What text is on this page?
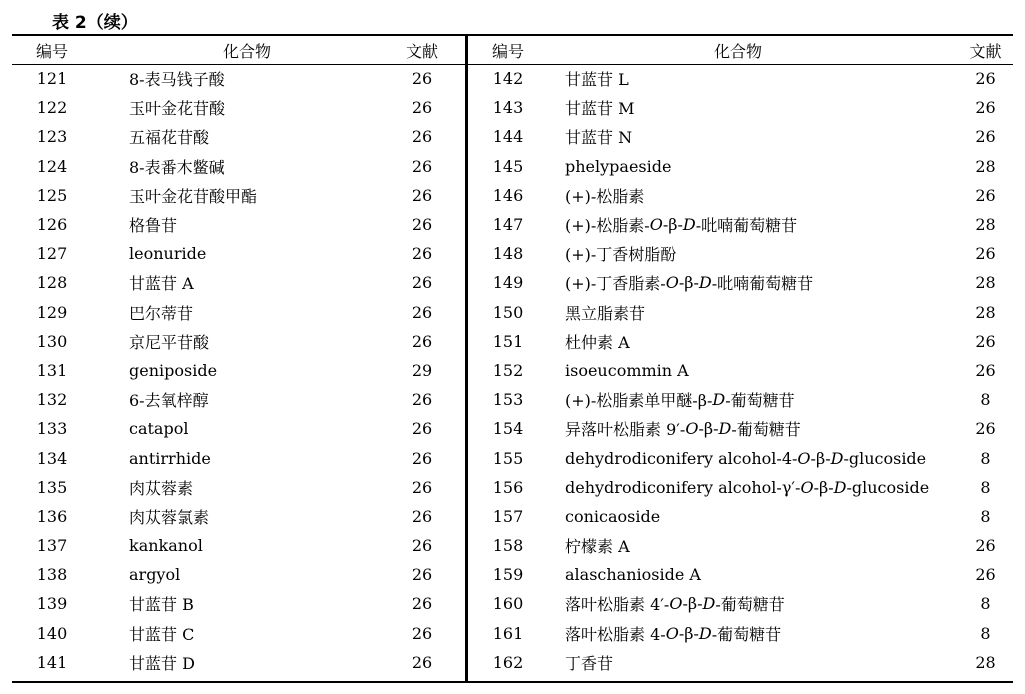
表 2（续）
编号	化合物	文献
121	8-表马钱子酸	26
122	玉叶金花苷酸	26
123	五福花苷酸	26
124	8-表番木鳖碱	26
125	玉叶金花苷酸甲酯	26
126	格鲁苷	26
127	leonuride	26
128	甘蓝苷 A	26
129	巴尔蒂苷	26
130	京尼平苷酸	26
131	geniposide	29
132	6-去氧梓醇	26
133	catapol	26
134	antirrhide	26
135	肉苁蓉素	26
136	肉苁蓉氯素	26
137	kankanol	26
138	argyol	26
139	甘蓝苷 B	26
140	甘蓝苷 C	26
141	甘蓝苷 D	26
编号	化合物	文献
142	甘蓝苷 L	26
143	甘蓝苷 M	26
144	甘蓝苷 N	26
145	phelypaeside	28
146	(+)-松脂素	26
147	(+)-松脂素- O -β- D -吡喃葡萄糖苷	28
148	(+)-丁香树脂酚	26
149	(+)-丁香脂素- O -β- D -吡喃葡萄糖苷	28
150	黑立脂素苷	28
151	杜仲素 A	26
152	isoeucommin A	26
153	(+)-松脂素单甲醚-β- D -葡萄糖苷	8
154	异落叶松脂素 9′- O -β- D -葡萄糖苷	26
155	dehydrodiconifery alcohol-4- O -β- D -glucoside	8
156	dehydrodiconifery alcohol-γ′- O -β- D -glucoside	8
157	conicaoside	8
158	柠檬素 A	26
159	alaschanioside A	26
160	落叶松脂素 4′- O -β- D -葡萄糖苷	8
161	落叶松脂素 4- O -β- D -葡萄糖苷	8
162	丁香苷	28
